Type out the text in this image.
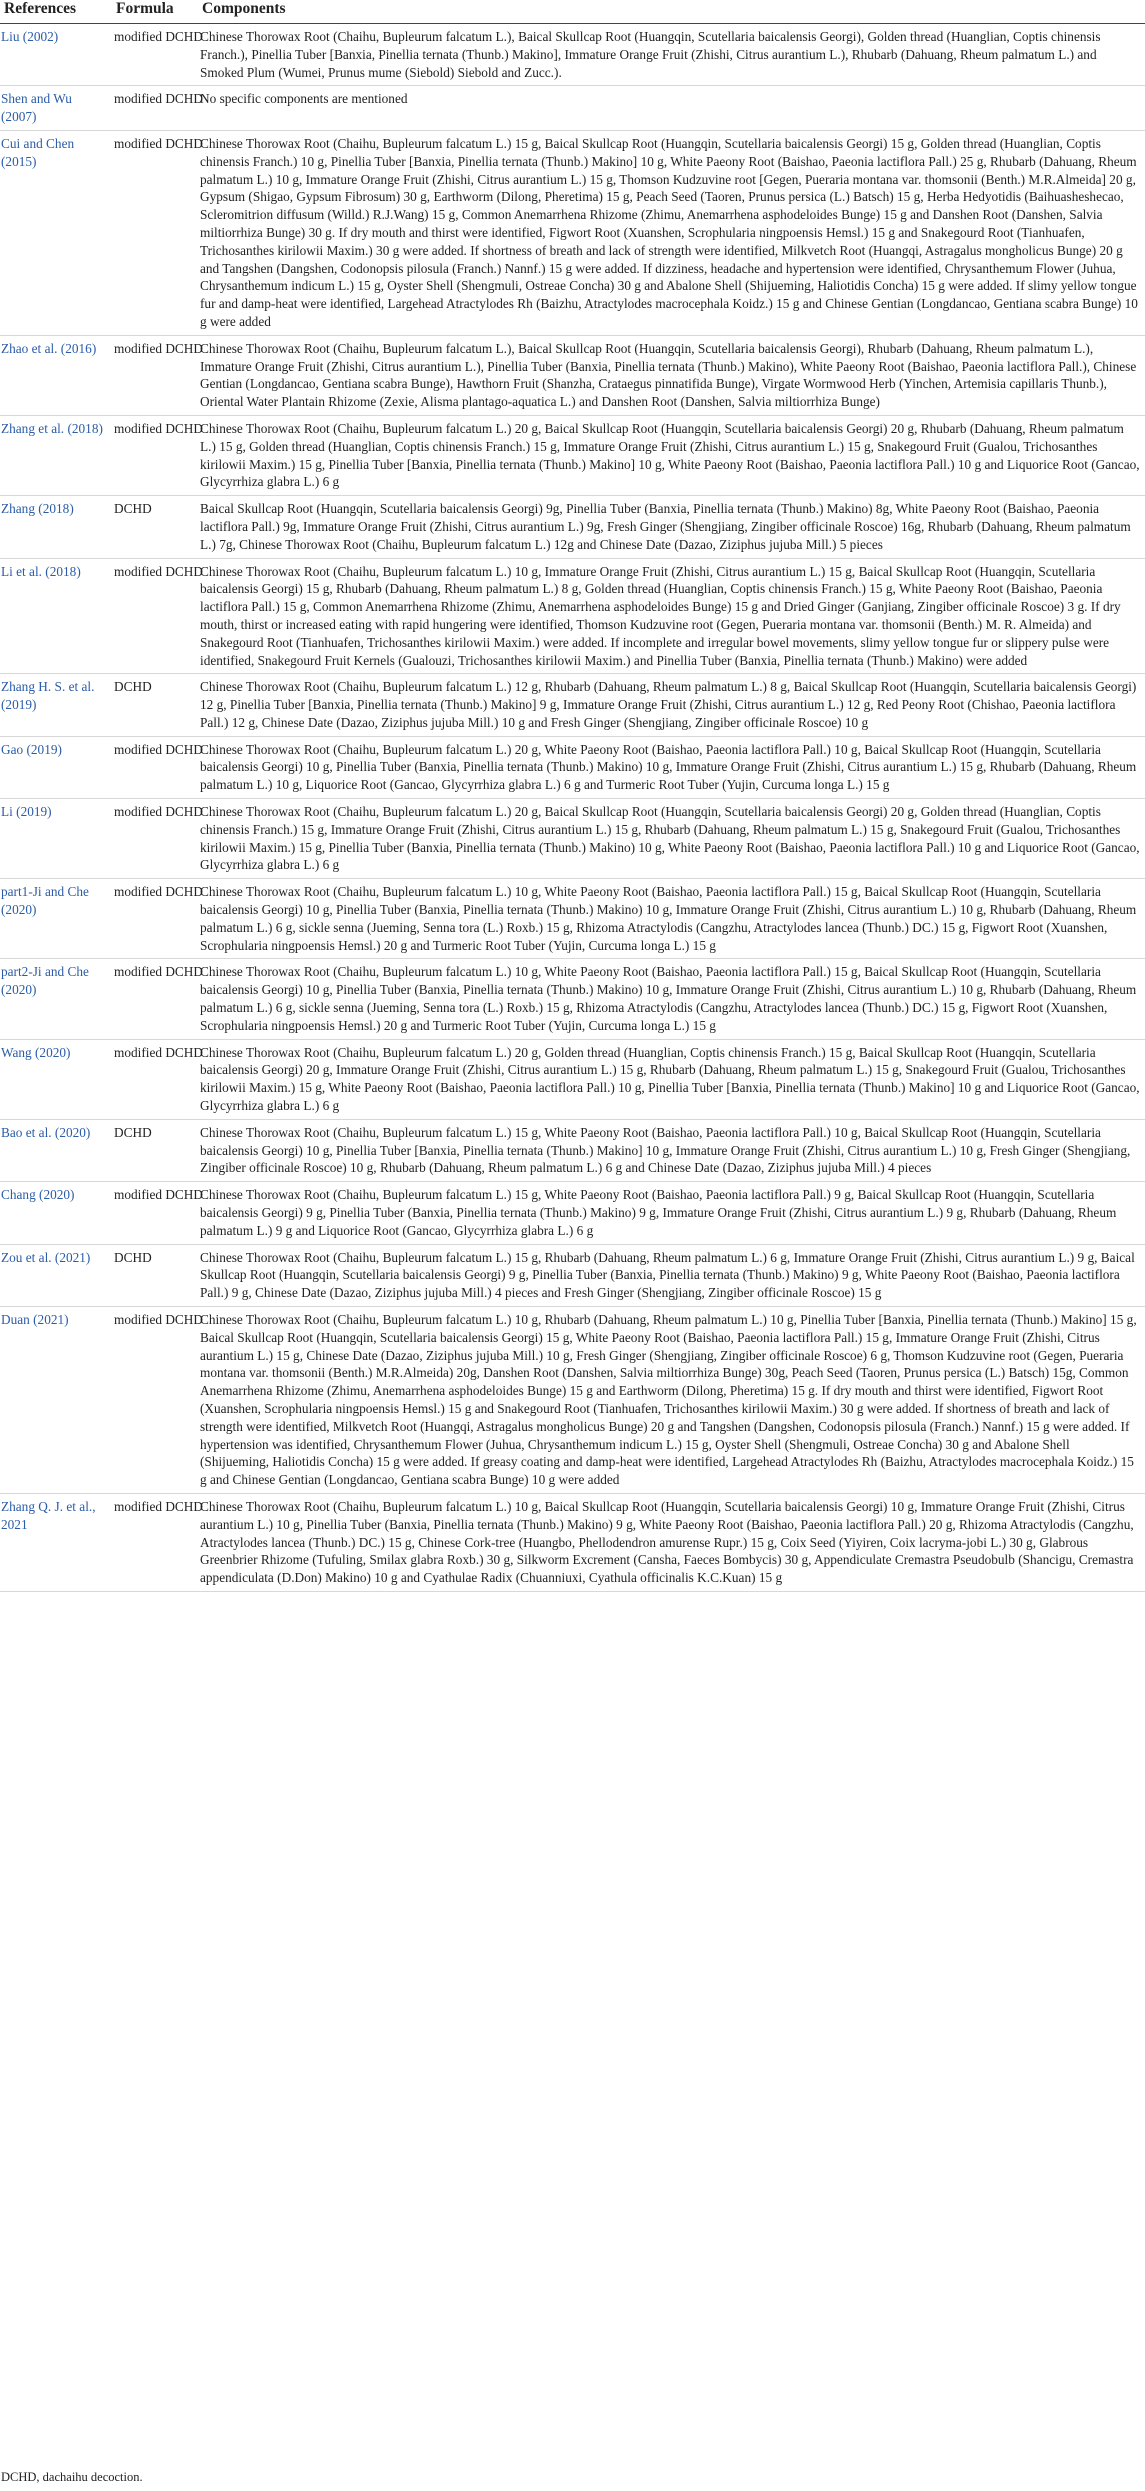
References	Formula	Components
Liu (2002)	modified DCHD	Chinese Thorowax Root (Chaihu, Bupleurum falcatum L.), Baical Skullcap Root (Huangqin, Scutellaria baicalensis Georgi), Golden thread (Huanglian, Coptis chinensis Franch.), Pinellia Tuber [Banxia, Pinellia ternata (Thunb.) Makino], Immature Orange Fruit (Zhishi, Citrus aurantium L.), Rhubarb (Dahuang, Rheum palmatum L.) and Smoked Plum (Wumei, Prunus mume (Siebold) Siebold and Zucc.).
Shen and Wu (2007)	modified DCHD	No specific components are mentioned
Cui and Chen (2015)	modified DCHD	Chinese Thorowax Root (Chaihu, Bupleurum falcatum L.) 15 g, Baical Skullcap Root (Huangqin, Scutellaria baicalensis Georgi) 15 g, Golden thread (Huanglian, Coptis chinensis Franch.) 10 g, Pinellia Tuber [Banxia, Pinellia ternata (Thunb.) Makino] 10 g, White Paeony Root (Baishao, Paeonia lactiflora Pall.) 25 g, Rhubarb (Dahuang, Rheum palmatum L.) 10 g, Immature Orange Fruit (Zhishi, Citrus aurantium L.) 15 g, Thomson Kudzuvine root [Gegen, Pueraria montana var. thomsonii (Benth.) M.R.Almeida] 20 g, Gypsum (Shigao, Gypsum Fibrosum) 30 g, Earthworm (Dilong, Pheretima) 15 g, Peach Seed (Taoren, Prunus persica (L.) Batsch) 15 g, Herba Hedyotidis (Baihuasheshecao, Scleromitrion diffusum (Willd.) R.J.Wang) 15 g, Common Anemarrhena Rhizome (Zhimu, Anemarrhena asphodeloides Bunge) 15 g and Danshen Root (Danshen, Salvia miltiorrhiza Bunge) 30 g. If dry mouth and thirst were identified, Figwort Root (Xuanshen, Scrophularia ningpoensis Hemsl.) 15 g and Snakegourd Root (Tianhuafen, Trichosanthes kirilowii Maxim.) 30 g were added. If shortness of breath and lack of strength were identified, Milkvetch Root (Huangqi, Astragalus mongholicus Bunge) 20 g and Tangshen (Dangshen, Codonopsis pilosula (Franch.) Nannf.) 15 g were added. If dizziness, headache and hypertension were identified, Chrysanthemum Flower (Juhua, Chrysanthemum indicum L.) 15 g, Oyster Shell (Shengmuli, Ostreae Concha) 30 g and Abalone Shell (Shijueming, Haliotidis Concha) 15 g were added. If slimy yellow tongue fur and damp-heat were identified, Largehead Atractylodes Rh (Baizhu, Atractylodes macrocephala Koidz.) 15 g and Chinese Gentian (Longdancao, Gentiana scabra Bunge) 10 g were added
Zhao et al. (2016)	modified DCHD	Chinese Thorowax Root (Chaihu, Bupleurum falcatum L.), Baical Skullcap Root (Huangqin, Scutellaria baicalensis Georgi), Rhubarb (Dahuang, Rheum palmatum L.), Immature Orange Fruit (Zhishi, Citrus aurantium L.), Pinellia Tuber (Banxia, Pinellia ternata (Thunb.) Makino), White Paeony Root (Baishao, Paeonia lactiflora Pall.), Chinese Gentian (Longdancao, Gentiana scabra Bunge), Hawthorn Fruit (Shanzha, Crataegus pinnatifida Bunge), Virgate Wormwood Herb (Yinchen, Artemisia capillaris Thunb.), Oriental Water Plantain Rhizome (Zexie, Alisma plantago-aquatica L.) and Danshen Root (Danshen, Salvia miltiorrhiza Bunge)
Zhang et al. (2018)	modified DCHD	Chinese Thorowax Root (Chaihu, Bupleurum falcatum L.) 20 g, Baical Skullcap Root (Huangqin, Scutellaria baicalensis Georgi) 20 g, Rhubarb (Dahuang, Rheum palmatum L.) 15 g, Golden thread (Huanglian, Coptis chinensis Franch.) 15 g, Immature Orange Fruit (Zhishi, Citrus aurantium L.) 15 g, Snakegourd Fruit (Gualou, Trichosanthes kirilowii Maxim.) 15 g, Pinellia Tuber [Banxia, Pinellia ternata (Thunb.) Makino] 10 g, White Paeony Root (Baishao, Paeonia lactiflora Pall.) 10 g and Liquorice Root (Gancao, Glycyrrhiza glabra L.) 6 g
Zhang (2018)	DCHD	Baical Skullcap Root (Huangqin, Scutellaria baicalensis Georgi) 9g, Pinellia Tuber (Banxia, Pinellia ternata (Thunb.) Makino) 8g, White Paeony Root (Baishao, Paeonia lactiflora Pall.) 9g, Immature Orange Fruit (Zhishi, Citrus aurantium L.) 9g, Fresh Ginger (Shengjiang, Zingiber officinale Roscoe) 16g, Rhubarb (Dahuang, Rheum palmatum L.) 7g, Chinese Thorowax Root (Chaihu, Bupleurum falcatum L.) 12g and Chinese Date (Dazao, Ziziphus jujuba Mill.) 5 pieces
Li et al. (2018)	modified DCHD	Chinese Thorowax Root (Chaihu, Bupleurum falcatum L.) 10 g, Immature Orange Fruit (Zhishi, Citrus aurantium L.) 15 g, Baical Skullcap Root (Huangqin, Scutellaria baicalensis Georgi) 15 g, Rhubarb (Dahuang, Rheum palmatum L.) 8 g, Golden thread (Huanglian, Coptis chinensis Franch.) 15 g, White Paeony Root (Baishao, Paeonia lactiflora Pall.) 15 g, Common Anemarrhena Rhizome (Zhimu, Anemarrhena asphodeloides Bunge) 15 g and Dried Ginger (Ganjiang, Zingiber officinale Roscoe) 3 g. If dry mouth, thirst or increased eating with rapid hungering were identified, Thomson Kudzuvine root (Gegen, Pueraria montana var. thomsonii (Benth.) M. R. Almeida) and Snakegourd Root (Tianhuafen, Trichosanthes kirilowii Maxim.) were added. If incomplete and irregular bowel movements, slimy yellow tongue fur or slippery pulse were identified, Snakegourd Fruit Kernels (Gualouzi, Trichosanthes kirilowii Maxim.) and Pinellia Tuber (Banxia, Pinellia ternata (Thunb.) Makino) were added
Zhang H. S. et al. (2019)	DCHD	Chinese Thorowax Root (Chaihu, Bupleurum falcatum L.) 12 g, Rhubarb (Dahuang, Rheum palmatum L.) 8 g, Baical Skullcap Root (Huangqin, Scutellaria baicalensis Georgi) 12 g, Pinellia Tuber [Banxia, Pinellia ternata (Thunb.) Makino] 9 g, Immature Orange Fruit (Zhishi, Citrus aurantium L.) 12 g, Red Peony Root (Chishao, Paeonia lactiflora Pall.) 12 g, Chinese Date (Dazao, Ziziphus jujuba Mill.) 10 g and Fresh Ginger (Shengjiang, Zingiber officinale Roscoe) 10 g
Gao (2019)	modified DCHD	Chinese Thorowax Root (Chaihu, Bupleurum falcatum L.) 20 g, White Paeony Root (Baishao, Paeonia lactiflora Pall.) 10 g, Baical Skullcap Root (Huangqin, Scutellaria baicalensis Georgi) 10 g, Pinellia Tuber (Banxia, Pinellia ternata (Thunb.) Makino) 10 g, Immature Orange Fruit (Zhishi, Citrus aurantium L.) 15 g, Rhubarb (Dahuang, Rheum palmatum L.) 10 g, Liquorice Root (Gancao, Glycyrrhiza glabra L.) 6 g and Turmeric Root Tuber (Yujin, Curcuma longa L.) 15 g
Li (2019)	modified DCHD	Chinese Thorowax Root (Chaihu, Bupleurum falcatum L.) 20 g, Baical Skullcap Root (Huangqin, Scutellaria baicalensis Georgi) 20 g, Golden thread (Huanglian, Coptis chinensis Franch.) 15 g, Immature Orange Fruit (Zhishi, Citrus aurantium L.) 15 g, Rhubarb (Dahuang, Rheum palmatum L.) 15 g, Snakegourd Fruit (Gualou, Trichosanthes kirilowii Maxim.) 15 g, Pinellia Tuber (Banxia, Pinellia ternata (Thunb.) Makino) 10 g, White Paeony Root (Baishao, Paeonia lactiflora Pall.) 10 g and Liquorice Root (Gancao, Glycyrrhiza glabra L.) 6 g
part1-Ji and Che (2020)	modified DCHD	Chinese Thorowax Root (Chaihu, Bupleurum falcatum L.) 10 g, White Paeony Root (Baishao, Paeonia lactiflora Pall.) 15 g, Baical Skullcap Root (Huangqin, Scutellaria baicalensis Georgi) 10 g, Pinellia Tuber (Banxia, Pinellia ternata (Thunb.) Makino) 10 g, Immature Orange Fruit (Zhishi, Citrus aurantium L.) 10 g, Rhubarb (Dahuang, Rheum palmatum L.) 6 g, sickle senna (Jueming, Senna tora (L.) Roxb.) 15 g, Rhizoma Atractylodis (Cangzhu, Atractylodes lancea (Thunb.) DC.) 15 g, Figwort Root (Xuanshen, Scrophularia ningpoensis Hemsl.) 20 g and Turmeric Root Tuber (Yujin, Curcuma longa L.) 15 g
part2-Ji and Che (2020)	modified DCHD	Chinese Thorowax Root (Chaihu, Bupleurum falcatum L.) 10 g, White Paeony Root (Baishao, Paeonia lactiflora Pall.) 15 g, Baical Skullcap Root (Huangqin, Scutellaria baicalensis Georgi) 10 g, Pinellia Tuber (Banxia, Pinellia ternata (Thunb.) Makino) 10 g, Immature Orange Fruit (Zhishi, Citrus aurantium L.) 10 g, Rhubarb (Dahuang, Rheum palmatum L.) 6 g, sickle senna (Jueming, Senna tora (L.) Roxb.) 15 g, Rhizoma Atractylodis (Cangzhu, Atractylodes lancea (Thunb.) DC.) 15 g, Figwort Root (Xuanshen, Scrophularia ningpoensis Hemsl.) 20 g and Turmeric Root Tuber (Yujin, Curcuma longa L.) 15 g
Wang (2020)	modified DCHD	Chinese Thorowax Root (Chaihu, Bupleurum falcatum L.) 20 g, Golden thread (Huanglian, Coptis chinensis Franch.) 15 g, Baical Skullcap Root (Huangqin, Scutellaria baicalensis Georgi) 20 g, Immature Orange Fruit (Zhishi, Citrus aurantium L.) 15 g, Rhubarb (Dahuang, Rheum palmatum L.) 15 g, Snakegourd Fruit (Gualou, Trichosanthes kirilowii Maxim.) 15 g, White Paeony Root (Baishao, Paeonia lactiflora Pall.) 10 g, Pinellia Tuber [Banxia, Pinellia ternata (Thunb.) Makino] 10 g and Liquorice Root (Gancao, Glycyrrhiza glabra L.) 6 g
Bao et al. (2020)	DCHD	Chinese Thorowax Root (Chaihu, Bupleurum falcatum L.) 15 g, White Paeony Root (Baishao, Paeonia lactiflora Pall.) 10 g, Baical Skullcap Root (Huangqin, Scutellaria baicalensis Georgi) 10 g, Pinellia Tuber [Banxia, Pinellia ternata (Thunb.) Makino] 10 g, Immature Orange Fruit (Zhishi, Citrus aurantium L.) 10 g, Fresh Ginger (Shengjiang, Zingiber officinale Roscoe) 10 g, Rhubarb (Dahuang, Rheum palmatum L.) 6 g and Chinese Date (Dazao, Ziziphus jujuba Mill.) 4 pieces
Chang (2020)	modified DCHD	Chinese Thorowax Root (Chaihu, Bupleurum falcatum L.) 15 g, White Paeony Root (Baishao, Paeonia lactiflora Pall.) 9 g, Baical Skullcap Root (Huangqin, Scutellaria baicalensis Georgi) 9 g, Pinellia Tuber (Banxia, Pinellia ternata (Thunb.) Makino) 9 g, Immature Orange Fruit (Zhishi, Citrus aurantium L.) 9 g, Rhubarb (Dahuang, Rheum palmatum L.) 9 g and Liquorice Root (Gancao, Glycyrrhiza glabra L.) 6 g
Zou et al. (2021)	DCHD	Chinese Thorowax Root (Chaihu, Bupleurum falcatum L.) 15 g, Rhubarb (Dahuang, Rheum palmatum L.) 6 g, Immature Orange Fruit (Zhishi, Citrus aurantium L.) 9 g, Baical Skullcap Root (Huangqin, Scutellaria baicalensis Georgi) 9 g, Pinellia Tuber (Banxia, Pinellia ternata (Thunb.) Makino) 9 g, White Paeony Root (Baishao, Paeonia lactiflora Pall.) 9 g, Chinese Date (Dazao, Ziziphus jujuba Mill.) 4 pieces and Fresh Ginger (Shengjiang, Zingiber officinale Roscoe) 15 g
Duan (2021)	modified DCHD	Chinese Thorowax Root (Chaihu, Bupleurum falcatum L.) 10 g, Rhubarb (Dahuang, Rheum palmatum L.) 10 g, Pinellia Tuber [Banxia, Pinellia ternata (Thunb.) Makino] 15 g, Baical Skullcap Root (Huangqin, Scutellaria baicalensis Georgi) 15 g, White Paeony Root (Baishao, Paeonia lactiflora Pall.) 15 g, Immature Orange Fruit (Zhishi, Citrus aurantium L.) 15 g, Chinese Date (Dazao, Ziziphus jujuba Mill.) 10 g, Fresh Ginger (Shengjiang, Zingiber officinale Roscoe) 6 g, Thomson Kudzuvine root (Gegen, Pueraria montana var. thomsonii (Benth.) M.R.Almeida) 20g, Danshen Root (Danshen, Salvia miltiorrhiza Bunge) 30g, Peach Seed (Taoren, Prunus persica (L.) Batsch) 15g, Common Anemarrhena Rhizome (Zhimu, Anemarrhena asphodeloides Bunge) 15 g and Earthworm (Dilong, Pheretima) 15 g. If dry mouth and thirst were identified, Figwort Root (Xuanshen, Scrophularia ningpoensis Hemsl.) 15 g and Snakegourd Root (Tianhuafen, Trichosanthes kirilowii Maxim.) 30 g were added. If shortness of breath and lack of strength were identified, Milkvetch Root (Huangqi, Astragalus mongholicus Bunge) 20 g and Tangshen (Dangshen, Codonopsis pilosula (Franch.) Nannf.) 15 g were added. If hypertension was identified, Chrysanthemum Flower (Juhua, Chrysanthemum indicum L.) 15 g, Oyster Shell (Shengmuli, Ostreae Concha) 30 g and Abalone Shell (Shijueming, Haliotidis Concha) 15 g were added. If greasy coating and damp-heat were identified, Largehead Atractylodes Rh (Baizhu, Atractylodes macrocephala Koidz.) 15 g and Chinese Gentian (Longdancao, Gentiana scabra Bunge) 10 g were added
Zhang Q. J. et al., 2021	modified DCHD	Chinese Thorowax Root (Chaihu, Bupleurum falcatum L.) 10 g, Baical Skullcap Root (Huangqin, Scutellaria baicalensis Georgi) 10 g, Immature Orange Fruit (Zhishi, Citrus aurantium L.) 10 g, Pinellia Tuber (Banxia, Pinellia ternata (Thunb.) Makino) 9 g, White Paeony Root (Baishao, Paeonia lactiflora Pall.) 20 g, Rhizoma Atractylodis (Cangzhu, Atractylodes lancea (Thunb.) DC.) 15 g, Chinese Cork-tree (Huangbo, Phellodendron amurense Rupr.) 15 g, Coix Seed (Yiyiren, Coix lacryma-jobi L.) 30 g, Glabrous Greenbrier Rhizome (Tufuling, Smilax glabra Roxb.) 30 g, Silkworm Excrement (Cansha, Faeces Bombycis) 30 g, Appendiculate Cremastra Pseudobulb (Shancigu, Cremastra appendiculata (D.Don) Makino) 10 g and Cyathulae Radix (Chuanniuxi, Cyathula officinalis K.C.Kuan) 15 g
DCHD, dachaihu decoction.
